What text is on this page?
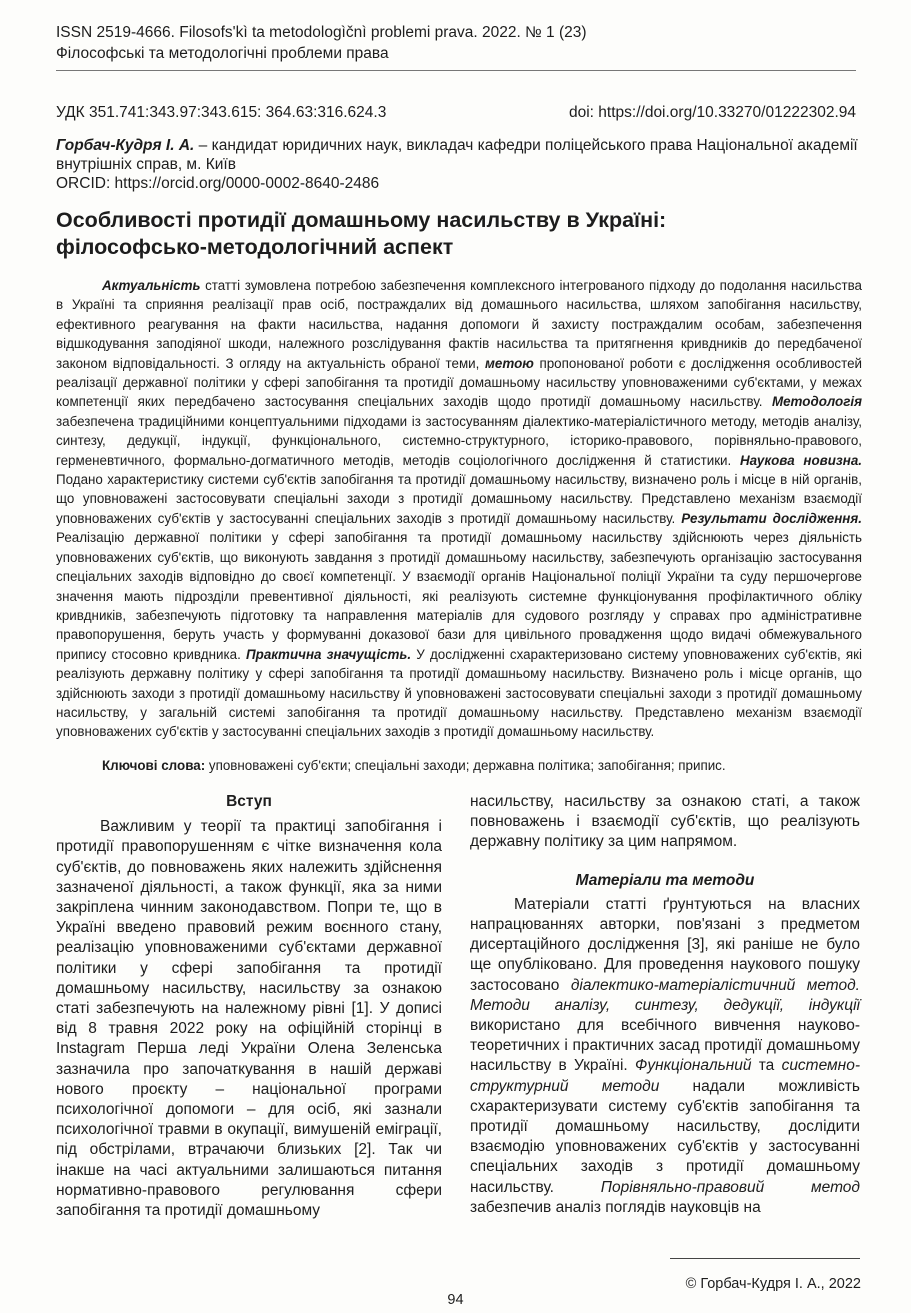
ISSN 2519-4666. Filosofs'kì ta metodologìčnì problemi prava. 2022. № 1 (23)
Філософські та методологічні проблеми права
УДК 351.741:343.97:343.615: 364.63:316.624.3	doi: https://doi.org/10.33270/01222302.94
Горбач-Кудря І. А. – кандидат юридичних наук, викладач кафедри поліцейського права Національної академії внутрішніх справ, м. Київ
ORCID: https://orcid.org/0000-0002-8640-2486
Особливості протидії домашньому насильству в Україні:
філософсько-методологічний аспект

Актуальність статті зумовлена потребою забезпечення комплексного інтегрованого підходу до подолання насильства в Україні та сприяння реалізації прав осіб, постраждалих від домашнього насильства, шляхом запобігання насильству, ефективного реагування на факти насильства, надання допомоги й захисту постраждалим особам, забезпечення відшкодування заподіяної шкоди, належного розслідування фактів насильства та притягнення кривдників до передбаченої законом відповідальності. З огляду на актуальність обраної теми, метою пропонованої роботи є дослідження особливостей реалізації державної політики у сфері запобігання та протидії домашньому насильству уповноваженими суб'єктами, у межах компетенції яких передбачено застосування спеціальних заходів щодо протидії домашньому насильству. Методологія забезпечена традиційними концептуальними підходами із застосуванням діалектико-матеріалістичного методу, методів аналізу, синтезу, дедукції, індукції, функціонального, системно-структурного, історико-правового, порівняльно-правового, герменевтичного, формально-догматичного методів, методів соціологічного дослідження й статистики. Наукова новизна. Подано характеристику системи суб'єктів запобігання та протидії домашньому насильству, визначено роль і місце в ній органів, що уповноважені застосовувати спеціальні заходи з протидії домашньому насильству. Представлено механізм взаємодії уповноважених суб'єктів у застосуванні спеціальних заходів з протидії домашньому насильству. Результати дослідження. Реалізацію державної політики у сфері запобігання та протидії домашньому насильству здійснюють через діяльність уповноважених суб'єктів, що виконують завдання з протидії домашньому насильству, забезпечують організацію застосування спеціальних заходів відповідно до своєї компетенції. У взаємодії органів Національної поліції України та суду першочергове значення мають підрозділи превентивної діяльності, які реалізують системне функціонування профілактичного обліку кривдників, забезпечують підготовку та направлення матеріалів для судового розгляду у справах про адміністративне правопорушення, беруть участь у формуванні доказової бази для цивільного провадження щодо видачі обмежувального припису стосовно кривдника. Практична значущість. У дослідженні схарактеризовано систему уповноважених суб'єктів, які реалізують державну політику у сфері запобігання та протидії домашньому насильству. Визначено роль і місце органів, що здійснюють заходи з протидії домашньому насильству й уповноважені застосовувати спеціальні заходи з протидії домашньому насильству, у загальній системі запобігання та протидії домашньому насильству. Представлено механізм взаємодії уповноважених суб'єктів у застосуванні спеціальних заходів з протидії домашньому насильству.

Ключові слова: уповноважені суб'єкти; спеціальні заходи; державна політика; запобігання; припис.
Вступ

Важливим у теорії та практиці запобігання і протидії правопорушенням є чітке визначення кола суб'єктів, до повноважень яких належить здійснення зазначеної діяльності, а також функції, яка за ними закріплена чинним законодавством. Попри те, що в Україні введено правовий режим воєнного стану, реалізацію уповноваженими суб'єктами державної політики у сфері запобігання та протидії домашньому насильству, насильству за ознакою статі забезпечують на належному рівні [1]. У дописі від 8 травня 2022 року на офіційній сторінці в Instagram Перша леді України Олена Зеленська зазначила про започаткування в нашій державі нового проєкту – національної програми психологічної допомоги – для осіб, які зазнали психологічної травми в окупації, вимушеній еміграції, під обстрілами, втрачаючи близьких [2]. Так чи інакше на часі актуальними залишаються питання нормативно-правового регулювання сфери запобігання та протидії домашньому

насильству, насильству за ознакою статі, а також повноважень і взаємодії суб'єктів, що реалізують державну політику за цим напрямом.

Матеріали та методи

Матеріали статті ґрунтуються на власних напрацюваннях авторки, пов'язані з предметом дисертаційного дослідження [3], які раніше не було ще опубліковано. Для проведення наукового пошуку застосовано діалектико-матеріалістичний метод. Методи аналізу, синтезу, дедукції, індукції використано для всебічного вивчення науково-теоретичних і практичних засад протидії домашньому насильству в Україні. Функціональний та системно-структурний методи надали можливість схарактеризувати систему суб'єктів запобігання та протидії домашньому насильству, дослідити взаємодію уповноважених суб'єктів у застосуванні спеціальних заходів з протидії домашньому насильству. Порівняльно-правовий метод забезпечив аналіз поглядів науковців на

© Горбач-Кудря І. А., 2022
94
